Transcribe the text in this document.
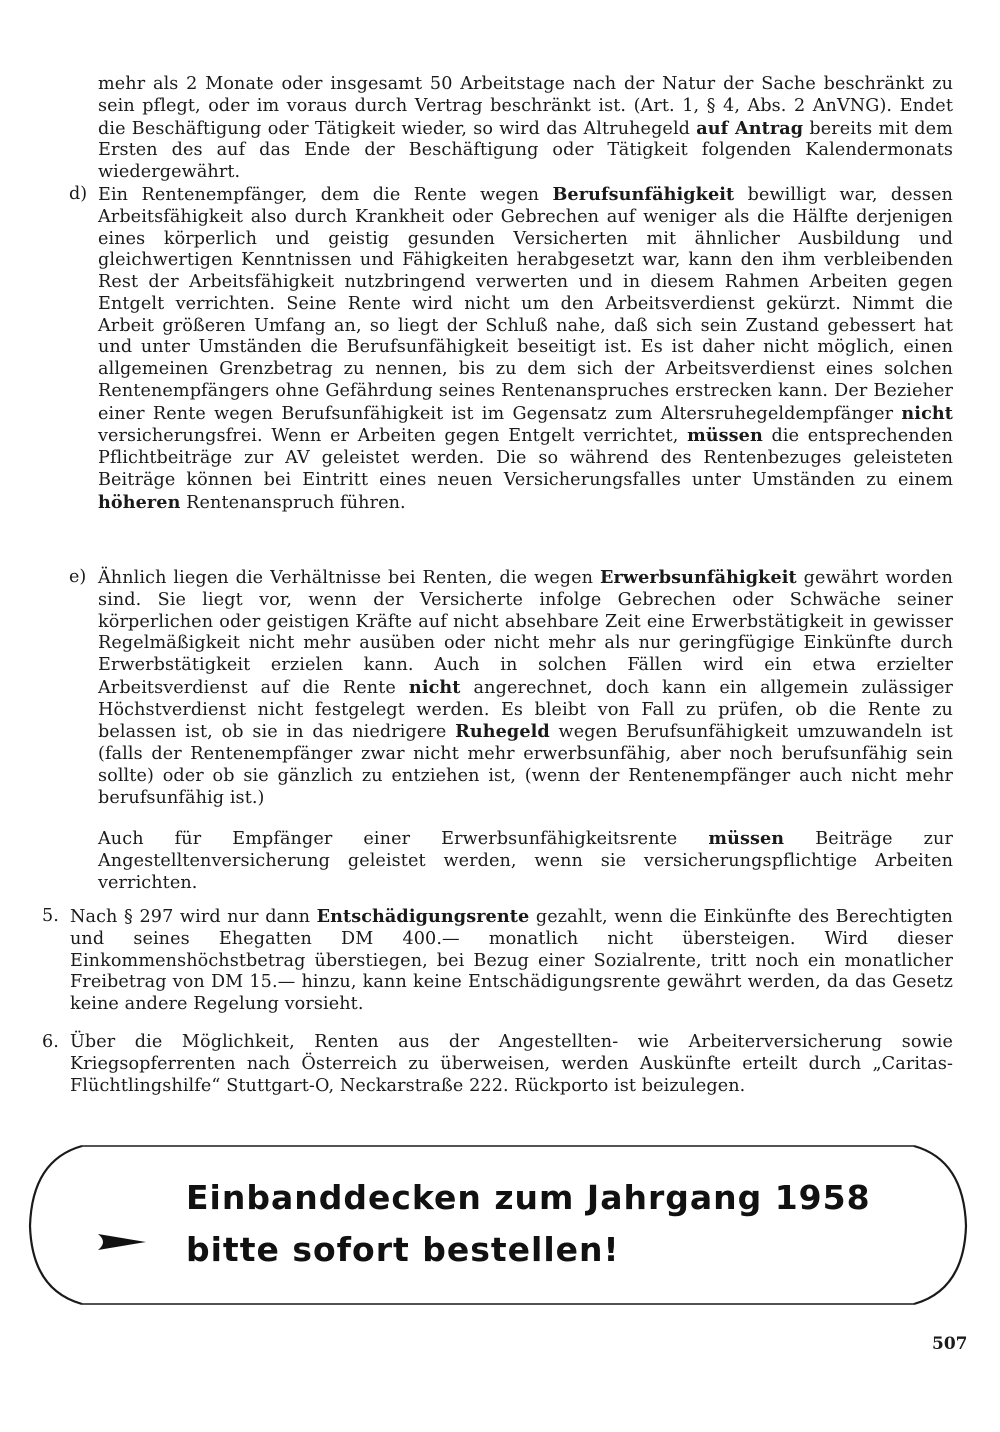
mehr als 2 Monate oder insgesamt 50 Arbeitstage nach der Natur der Sache beschränkt zu sein pflegt, oder im voraus durch Vertrag beschränkt ist. (Art. 1, § 4, Abs. 2 AnVNG). Endet die Beschäftigung oder Tätigkeit wieder, so wird das Altruhegeld auf Antrag bereits mit dem Ersten des auf das Ende der Beschäftigung oder Tätigkeit folgenden Kalendermonats wiedergewährt.
d) Ein Rentenempfänger, dem die Rente wegen Berufsunfähigkeit bewilligt war, dessen Arbeitsfähigkeit also durch Krankheit oder Gebrechen auf weniger als die Hälfte derjenigen eines körperlich und geistig gesunden Versicherten mit ähnlicher Ausbildung und gleichwertigen Kenntnissen und Fähigkeiten herabgesetzt war, kann den ihm verbleibenden Rest der Arbeitsfähigkeit nutzbringend verwerten und in diesem Rahmen Arbeiten gegen Entgelt verrichten. Seine Rente wird nicht um den Arbeitsverdienst gekürzt. Nimmt die Arbeit größeren Umfang an, so liegt der Schluß nahe, daß sich sein Zustand gebessert hat und unter Umständen die Berufsunfähigkeit beseitigt ist. Es ist daher nicht möglich, einen allgemeinen Grenzbetrag zu nennen, bis zu dem sich der Arbeitsverdienst eines solchen Rentenempfängers ohne Gefährdung seines Rentenanspruches erstrecken kann. Der Bezieher einer Rente wegen Berufsunfähigkeit ist im Gegensatz zum Altersruhegeldempfänger nicht versicherungsfrei. Wenn er Arbeiten gegen Entgelt verrichtet, müssen die entsprechenden Pflichtbeiträge zur AV geleistet werden. Die so während des Rentenbezuges geleisteten Beiträge können bei Eintritt eines neuen Versicherungsfalles unter Umständen zu einem höheren Rentenanspruch führen.
e) Ähnlich liegen die Verhältnisse bei Renten, die wegen Erwerbsunfähigkeit gewährt worden sind. Sie liegt vor, wenn der Versicherte infolge Gebrechen oder Schwäche seiner körperlichen oder geistigen Kräfte auf nicht absehbare Zeit eine Erwerbstätigkeit in gewisser Regelmäßigkeit nicht mehr ausüben oder nicht mehr als nur geringfügige Einkünfte durch Erwerbstätigkeit erzielen kann. Auch in solchen Fällen wird ein etwa erzielter Arbeitsverdienst auf die Rente nicht angerechnet, doch kann ein allgemein zulässiger Höchstverdienst nicht festgelegt werden. Es bleibt von Fall zu prüfen, ob die Rente zu belassen ist, ob sie in das niedrigere Ruhegeld wegen Berufsunfähigkeit umzuwandeln ist (falls der Rentenempfänger zwar nicht mehr erwerbsunfähig, aber noch berufsunfähig sein sollte) oder ob sie gänzlich zu entziehen ist, (wenn der Rentenempfänger auch nicht mehr berufsunfähig ist.)
Auch für Empfänger einer Erwerbsunfähigkeitsrente müssen Beiträge zur Angestelltenversicherung geleistet werden, wenn sie versicherungspflichtige Arbeiten verrichten.
5. Nach § 297 wird nur dann Entschädigungsrente gezahlt, wenn die Einkünfte des Berechtigten und seines Ehegatten DM 400.— monatlich nicht übersteigen. Wird dieser Einkommenshöchstbetrag überstiegen, bei Bezug einer Sozialrente, tritt noch ein monatlicher Freibetrag von DM 15.— hinzu, kann keine Entschädigungsrente gewährt werden, da das Gesetz keine andere Regelung vorsieht.
6. Über die Möglichkeit, Renten aus der Angestellten- wie Arbeiterversicherung sowie Kriegsopferrenten nach Österreich zu überweisen, werden Auskünfte erteilt durch „Caritas-Flüchtlingshilfe“ Stuttgart-O, Neckarstraße 222. Rückporto ist beizulegen.
Einbanddecken zum Jahrgang 1958
bitte sofort bestellen!
507
